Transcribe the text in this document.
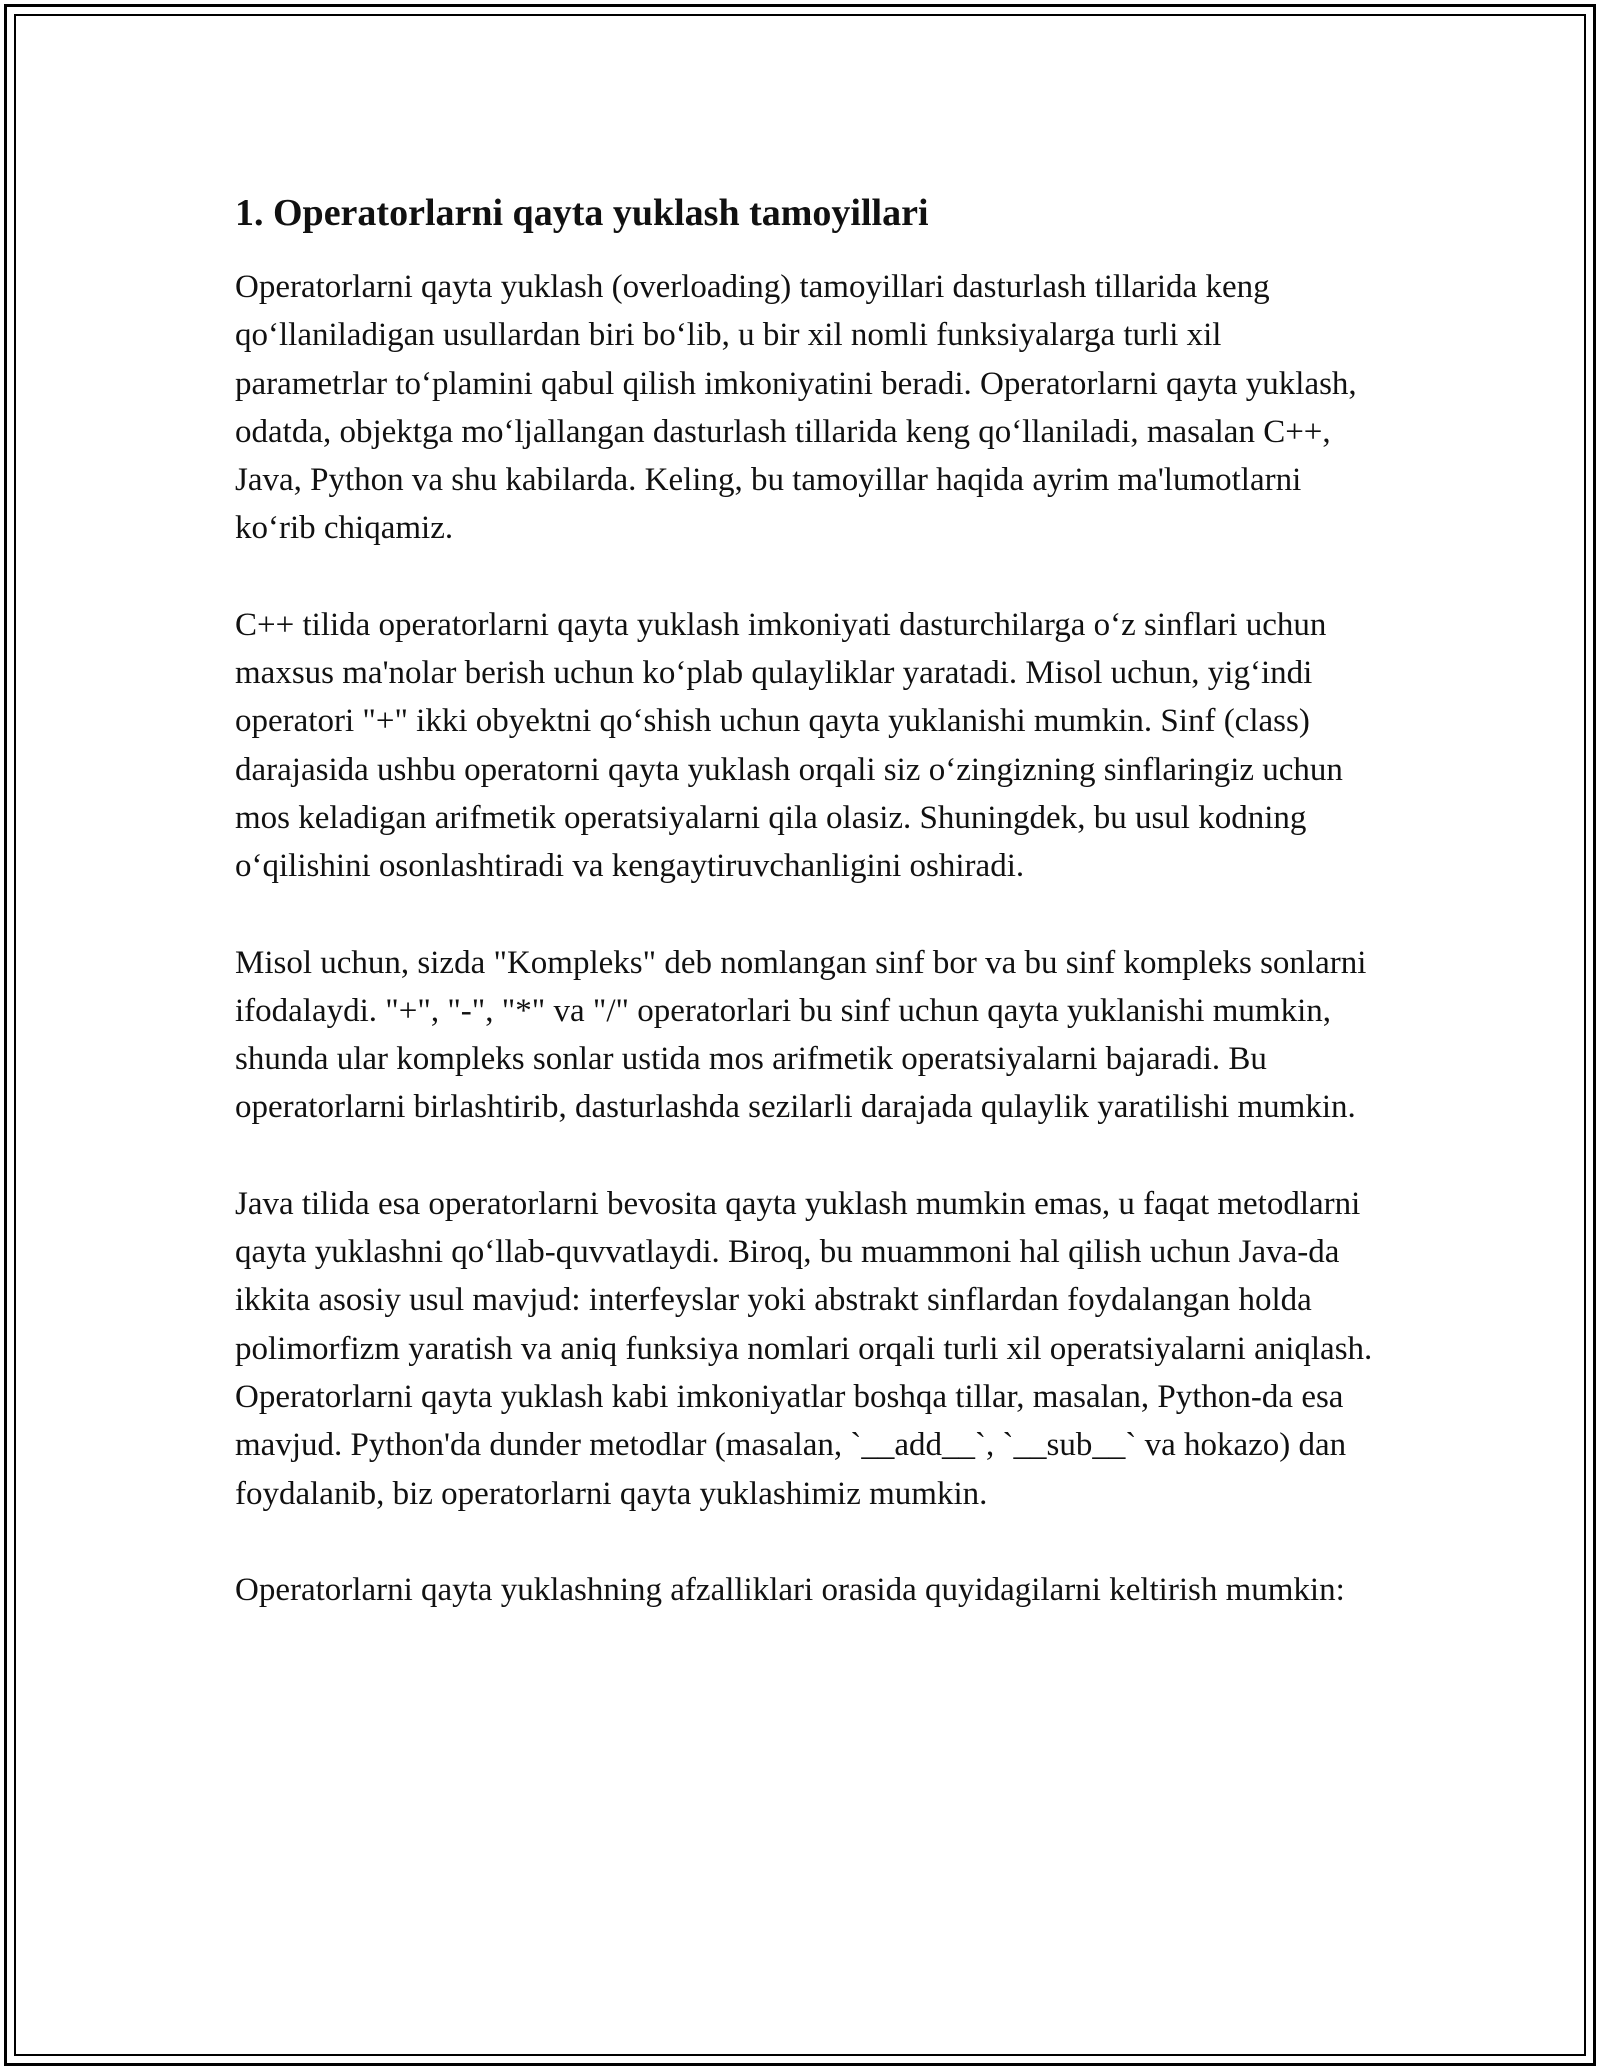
1. Operatorlarni qayta yuklash tamoyillari

Operatorlarni qayta yuklash (overloading) tamoyillari dasturlash tillarida keng qo‘llaniladigan usullardan biri bo‘lib, u bir xil nomli funksiyalarga turli xil parametrlar to‘plamini qabul qilish imkoniyatini beradi. Operatorlarni qayta yuklash, odatda, objektga mo‘ljallangan dasturlash tillarida keng qo‘llaniladi, masalan C++, Java, Python va shu kabilarda. Keling, bu tamoyillar haqida ayrim ma'lumotlarni ko‘rib chiqamiz.

C++ tilida operatorlarni qayta yuklash imkoniyati dasturchilarga o‘z sinflari uchun maxsus ma'nolar berish uchun ko‘plab qulayliklar yaratadi. Misol uchun, yig‘indi operatori "+" ikki obyektni qo‘shish uchun qayta yuklanishi mumkin. Sinf (class) darajasida ushbu operatorni qayta yuklash orqali siz o‘zingizning sinflaringiz uchun mos keladigan arifmetik operatsiyalarni qila olasiz. Shuningdek, bu usul kodning o‘qilishini osonlashtiradi va kengaytiruvchanligini oshiradi.

Misol uchun, sizda "Kompleks" deb nomlangan sinf bor va bu sinf kompleks sonlarni ifodalaydi. "+", "-", "*" va "/" operatorlari bu sinf uchun qayta yuklanishi mumkin, shunda ular kompleks sonlar ustida mos arifmetik operatsiyalarni bajaradi. Bu operatorlarni birlashtirib, dasturlashda sezilarli darajada qulaylik yaratilishi mumkin.

Java tilida esa operatorlarni bevosita qayta yuklash mumkin emas, u faqat metodlarni qayta yuklashni qo‘llab-quvvatlaydi. Biroq, bu muammoni hal qilish uchun Java-da ikkita asosiy usul mavjud: interfeyslar yoki abstrakt sinflardan foydalangan holda polimorfizm yaratish va aniq funksiya nomlari orqali turli xil operatsiyalarni aniqlash. Operatorlarni qayta yuklash kabi imkoniyatlar boshqa tillar, masalan, Python-da esa mavjud. Python'da dunder metodlar (masalan, `__add__`, `__sub__` va hokazo) dan foydalanib, biz operatorlarni qayta yuklashimiz mumkin.

Operatorlarni qayta yuklashning afzalliklari orasida quyidagilarni keltirish mumkin:
